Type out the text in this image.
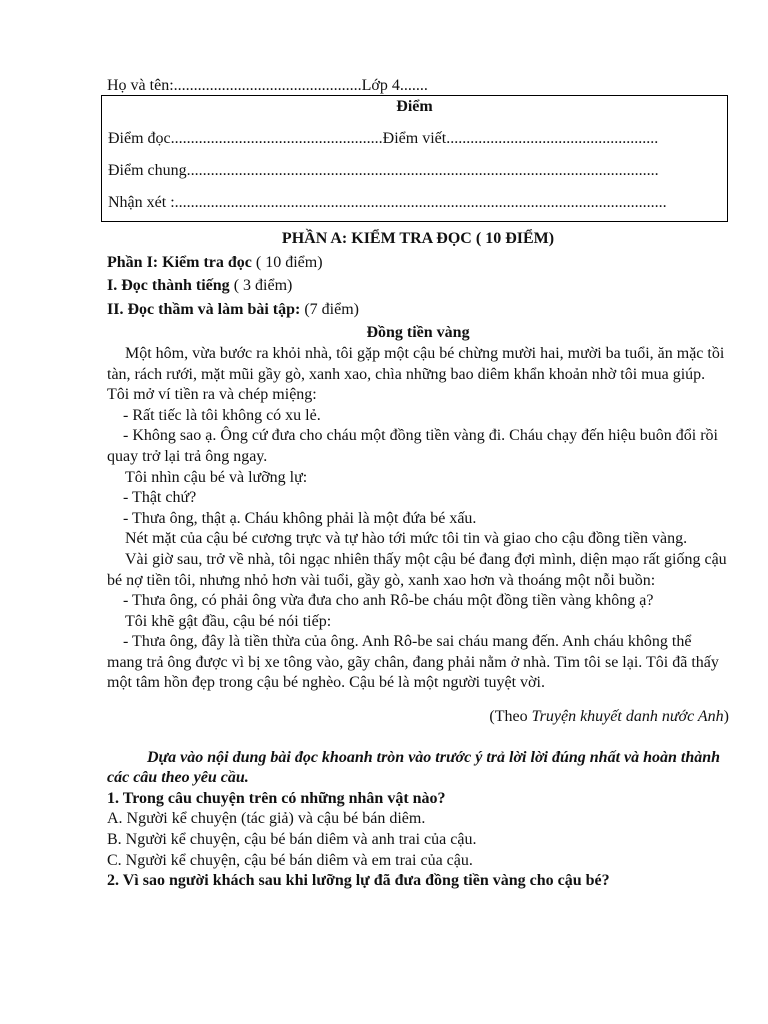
Họ và tên:...............................................Lớp 4.......
Điểm
Điểm đọc.....................................................Điểm viết.....................................................
Điểm chung......................................................................................................................
Nhận xét :...........................................................................................................................

PHẦN A: KIỂM TRA ĐỌC ( 10 ĐIỂM)

Phần I: Kiểm tra đọc ( 10 điểm)

I. Đọc thành tiếng ( 3 điểm)

II. Đọc thầm và làm bài tập: (7 điểm)

Đồng tiền vàng

Một hôm, vừa bước ra khỏi nhà, tôi gặp một cậu bé chừng mười hai, mười ba tuổi, ăn mặc tồi tàn, rách rưới, mặt mũi gầy gò, xanh xao, chìa những bao diêm khẩn khoản nhờ tôi mua giúp. Tôi mở ví tiền ra và chép miệng:

- Rất tiếc là tôi không có xu lẻ.

- Không sao ạ. Ông cứ đưa cho cháu một đồng tiền vàng đi. Cháu chạy đến hiệu buôn đổi rồi quay trở lại trả ông ngay.

Tôi nhìn cậu bé và lưỡng lự:

- Thật chứ?

- Thưa ông, thật ạ. Cháu không phải là một đứa bé xấu.

Nét mặt của cậu bé cương trực và tự hào tới mức tôi tin và giao cho cậu đồng tiền vàng.

Vài giờ sau, trở về nhà, tôi ngạc nhiên thấy một cậu bé đang đợi mình, diện mạo rất giống cậu bé nợ tiền tôi, nhưng nhỏ hơn vài tuổi, gầy gò, xanh xao hơn và thoáng một nỗi buồn:

- Thưa ông, có phải ông vừa đưa cho anh Rô-be cháu một đồng tiền vàng không ạ?

Tôi khẽ gật đầu, cậu bé nói tiếp:

- Thưa ông, đây là tiền thừa của ông. Anh Rô-be sai cháu mang đến. Anh cháu không thể mang trả ông được vì bị xe tông vào, gãy chân, đang phải nằm ở nhà. Tim tôi se lại. Tôi đã thấy một tâm hồn đẹp trong cậu bé nghèo. Cậu bé là một người tuyệt vời.

(Theo Truyện khuyết danh nước Anh)

Dựa vào nội dung bài đọc khoanh tròn vào trước ý trả lời lời đúng nhất và hoàn thành các câu theo yêu cầu.

1. Trong câu chuyện trên có những nhân vật nào?

A. Người kể chuyện (tác giả) và cậu bé bán diêm.

B. Người kể chuyện, cậu bé bán diêm và anh trai của cậu.

C. Người kể chuyện, cậu bé bán diêm và em trai của cậu.

2. Vì sao người khách sau khi lưỡng lự đã đưa đồng tiền vàng cho cậu bé?
